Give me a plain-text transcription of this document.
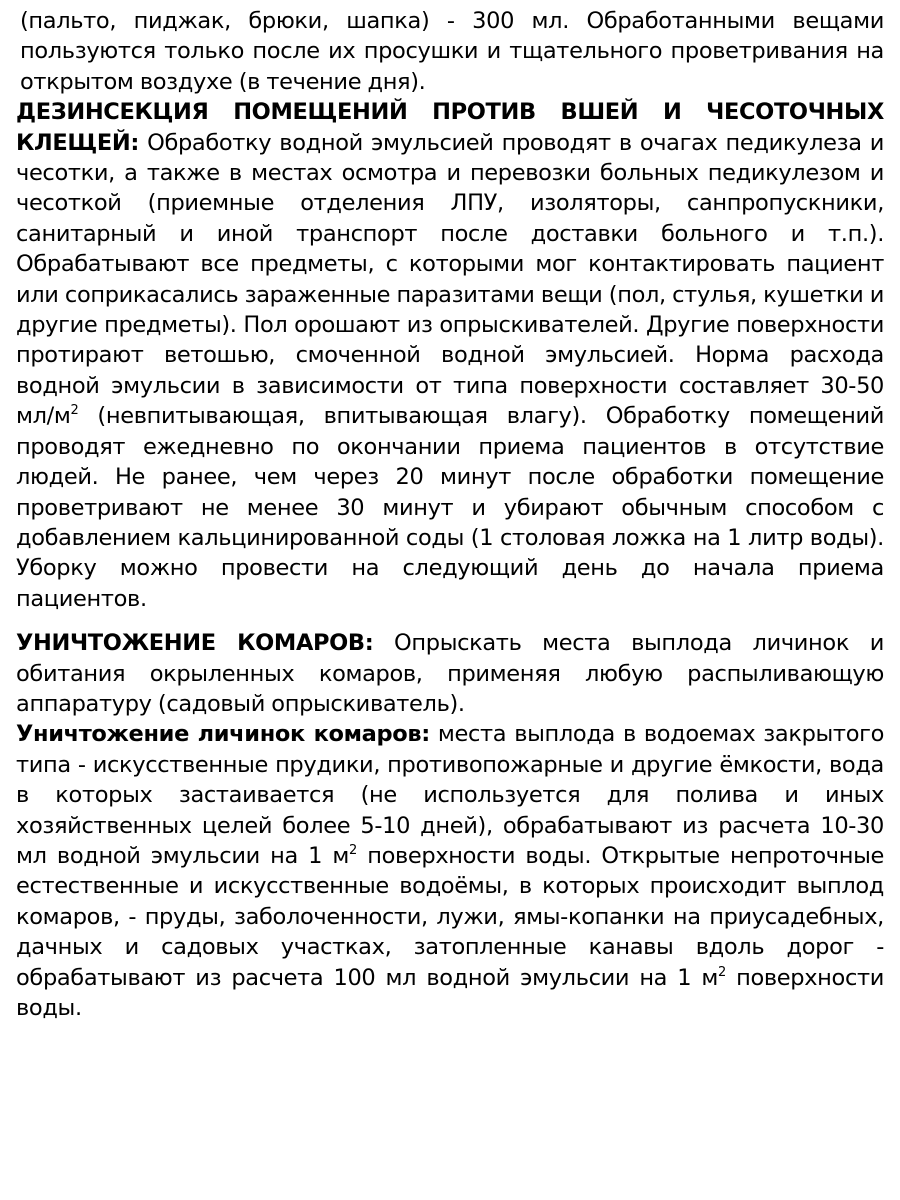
(пальто, пиджак, брюки, шапка) - 300 мл. Обработанными вещами пользуются только после их просушки и тщательного проветривания на открытом воздухе (в течение дня).

ДЕЗИНСЕКЦИЯ ПОМЕЩЕНИЙ ПРОТИВ ВШЕЙ И ЧЕСОТОЧНЫХ КЛЕЩЕЙ: Обработку водной эмульсией проводят в очагах педикулеза и чесотки, а также в местах осмотра и перевозки больных педикулезом и чесоткой (приемные отделения ЛПУ, изоляторы, санпропускники, санитарный и иной транспорт после доставки больного и т.п.). Обрабатывают все предметы, с которыми мог контактировать пациент или соприкасались зараженные паразитами вещи (пол, стулья, кушетки и другие предметы). Пол орошают из опрыскивателей. Другие поверхности протирают ветошью, смоченной водной эмульсией. Норма расхода водной эмульсии в зависимости от типа поверхности составляет 30-50 $мл/м^2$ (невпитывающая, впитывающая влагу). Обработку помещений проводят ежедневно по окончании приема пациентов в отсутствие людей. Не ранее, чем через 20 минут после обработки помещение проветривают не менее 30 минут и убирают обычным способом с добавлением кальцинированной соды (1 столовая ложка на 1 литр воды). Уборку можно провести на следующий день до начала приема пациентов.

УНИЧТОЖЕНИЕ КОМАРОВ: Опрыскать места выплода личинок и обитания окрыленных комаров, применяя любую распыливающую аппаратуру (садовый опрыскиватель).

Уничтожение личинок комаров: места выплода в водоемах закрытого типа - искусственные прудики, противопожарные и другие ёмкости, вода в которых застаивается (не используется для полива и иных хозяйственных целей более 5-10 дней), обрабатывают из расчета 10-30 мл водной эмульсии на 1 $м^2$ поверхности воды. Открытые непроточные естественные и искусственные водоёмы, в которых происходит выплод комаров, - пруды, заболоченности, лужи, ямы-копанки на приусадебных, дачных и садовых участках, затопленные канавы вдоль дорог - обрабатывают из расчета 100 мл водной эмульсии на 1 $м^2$ поверхности воды.
